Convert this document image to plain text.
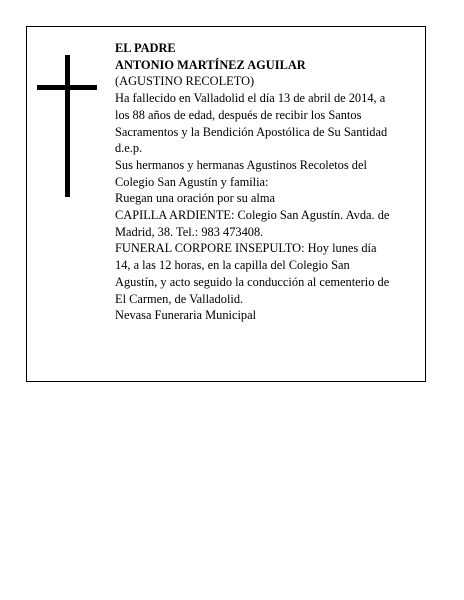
EL PADRE
ANTONIO MARTÍNEZ AGUILAR
(AGUSTINO RECOLETO)
Ha fallecido en Valladolid el día 13 de abril de 2014, a
los 88 años de edad, después de recibir los Santos
Sacramentos y la Bendición Apostólica de Su Santidad
d.e.p.
Sus hermanos y hermanas Agustinos Recoletos del
Colegio San Agustín y familia:
Ruegan una oración por su alma
CAPILLA ARDIENTE: Colegio San Agustín. Avda. de
Madrid, 38. Tel.: 983 473408.
FUNERAL CORPORE INSEPULTO: Hoy lunes día
14, a las 12 horas, en la capilla del Colegio San
Agustín, y acto seguido la conducción al cementerio de
El Carmen, de Valladolid.
Nevasa Funeraria Municipal
